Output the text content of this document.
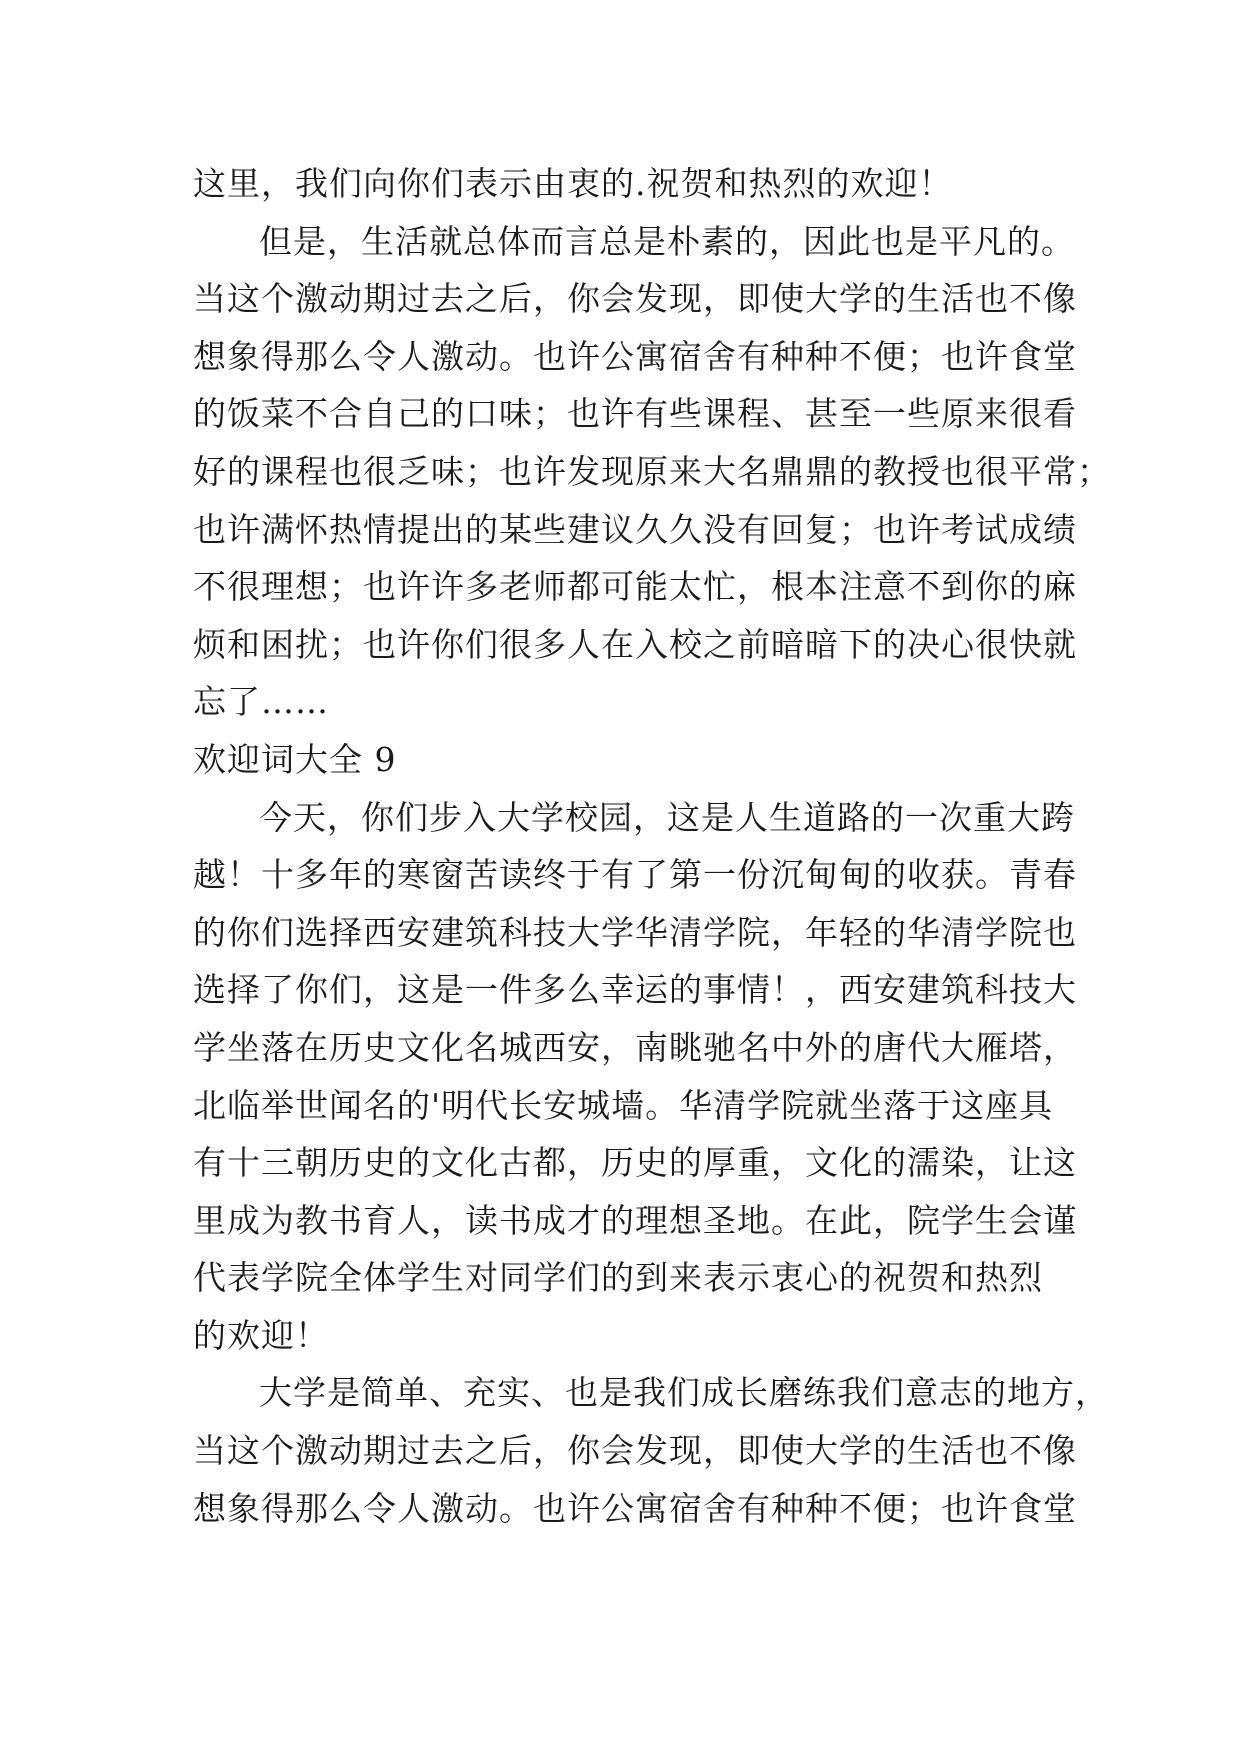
这里，我们向你们表示由衷的.祝贺和热烈的欢迎！
但是，生活就总体而言总是朴素的，因此也是平凡的。
当这个激动期过去之后，你会发现，即使大学的生活也不像
想象得那么令人激动。也许公寓宿舍有种种不便；也许食堂
的饭菜不合自己的口味；也许有些课程、甚至一些原来很看
好的课程也很乏味；也许发现原来大名鼎鼎的教授也很平常；
也许满怀热情提出的某些建议久久没有回复；也许考试成绩
不很理想；也许许多老师都可能太忙，根本注意不到你的麻
烦和困扰；也许你们很多人在入校之前暗暗下的决心很快就
忘了……
欢迎词大全 9
今天，你们步入大学校园，这是人生道路的一次重大跨
越！十多年的寒窗苦读终于有了第一份沉甸甸的收获。青春
的你们选择西安建筑科技大学华清学院，年轻的华清学院也
选择了你们，这是一件多么幸运的事情！，西安建筑科技大
学坐落在历史文化名城西安，南眺驰名中外的唐代大雁塔，
北临举世闻名的'明代长安城墙。华清学院就坐落于这座具
有十三朝历史的文化古都，历史的厚重，文化的濡染，让这
里成为教书育人，读书成才的理想圣地。在此，院学生会谨
代表学院全体学生对同学们的到来表示衷心的祝贺和热烈
的欢迎！
大学是简单、充实、也是我们成长磨练我们意志的地方，
当这个激动期过去之后，你会发现，即使大学的生活也不像
想象得那么令人激动。也许公寓宿舍有种种不便；也许食堂
